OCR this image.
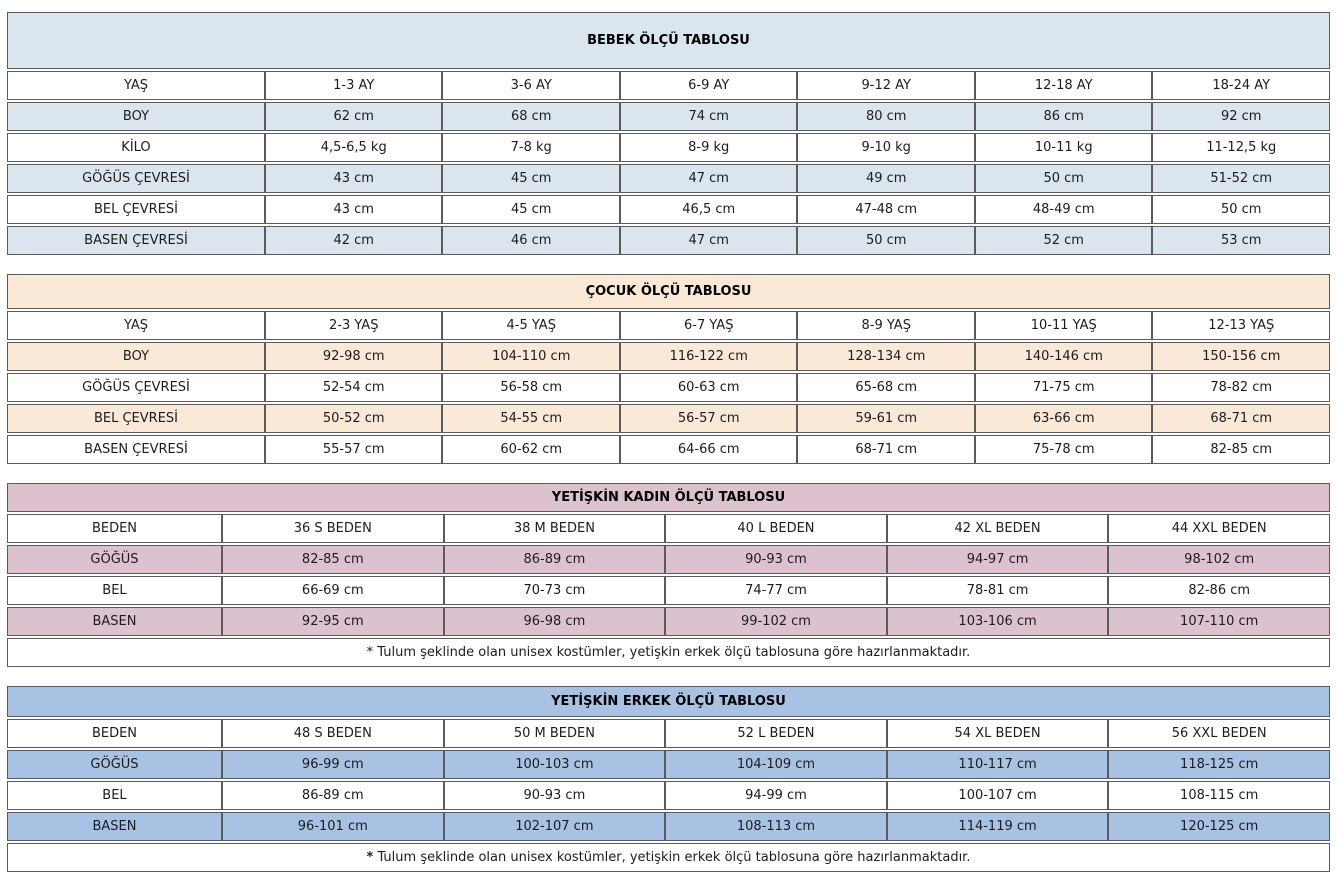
BEBEK ÖLÇÜ TABLOSU						
YAŞ	1-3 AY	3-6 AY	6-9 AY	9-12 AY	12-18 AY	18-24 AY
BOY	62 cm	68 cm	74 cm	80 cm	86 cm	92 cm
KİLO	4,5-6,5 kg	7-8 kg	8-9 kg	9-10 kg	10-11 kg	11-12,5 kg
GÖĞÜS ÇEVRESİ	43 cm	45 cm	47 cm	49 cm	50 cm	51-52 cm
BEL ÇEVRESİ	43 cm	45 cm	46,5 cm	47-48 cm	48-49 cm	50 cm
BASEN ÇEVRESİ	42 cm	46 cm	47 cm	50 cm	52 cm	53 cm
ÇOCUK ÖLÇÜ TABLOSU						
YAŞ	2-3 YAŞ	4-5 YAŞ	6-7 YAŞ	8-9 YAŞ	10-11 YAŞ	12-13 YAŞ
BOY	92-98 cm	104-110 cm	116-122 cm	128-134 cm	140-146 cm	150-156 cm
GÖĞÜS ÇEVRESİ	52-54 cm	56-58 cm	60-63 cm	65-68 cm	71-75 cm	78-82 cm
BEL ÇEVRESİ	50-52 cm	54-55 cm	56-57 cm	59-61 cm	63-66 cm	68-71 cm
BASEN ÇEVRESİ	55-57 cm	60-62 cm	64-66 cm	68-71 cm	75-78 cm	82-85 cm
YETİŞKİN KADIN ÖLÇÜ TABLOSU					
BEDEN	36 S BEDEN	38 M BEDEN	40 L BEDEN	42 XL BEDEN	44 XXL BEDEN
GÖĞÜS	82-85 cm	86-89 cm	90-93 cm	94-97 cm	98-102 cm
BEL	66-69 cm	70-73 cm	74-77 cm	78-81 cm	82-86 cm
BASEN	92-95 cm	96-98 cm	99-102 cm	103-106 cm	107-110 cm
* Tulum şeklinde olan unisex kostümler, yetişkin erkek ölçü tablosuna göre hazırlanmaktadır.					
YETİŞKİN ERKEK ÖLÇÜ TABLOSU					
BEDEN	48 S BEDEN	50 M BEDEN	52 L BEDEN	54 XL BEDEN	56 XXL BEDEN
GÖĞÜS	96-99 cm	100-103 cm	104-109 cm	110-117 cm	118-125 cm
BEL	86-89 cm	90-93 cm	94-99 cm	100-107 cm	108-115 cm
BASEN	96-101 cm	102-107 cm	108-113 cm	114-119 cm	120-125 cm
* Tulum şeklinde olan unisex kostümler, yetişkin erkek ölçü tablosuna göre hazırlanmaktadır.					
